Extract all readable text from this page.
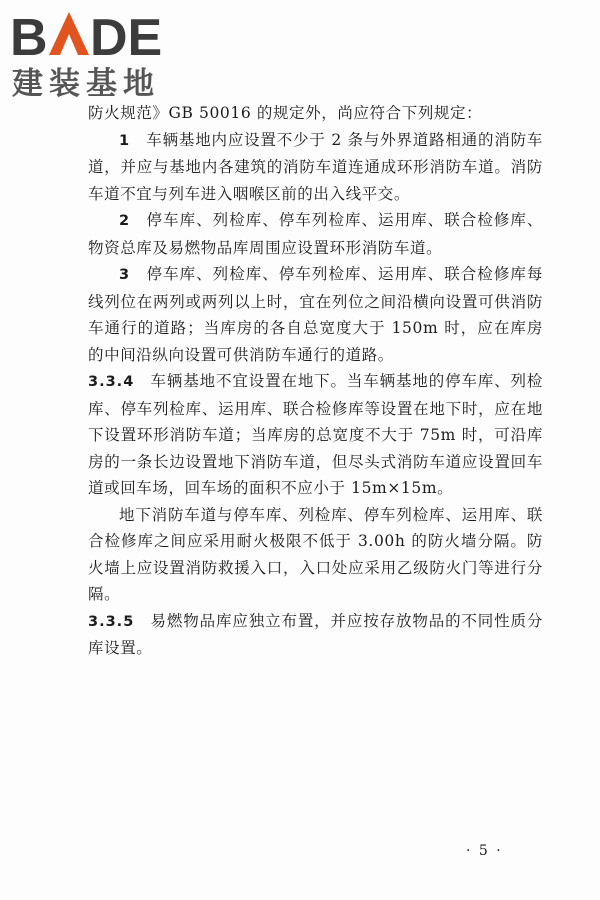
B DE
建装基地

防火规范》GB 50016 的规定外，尚应符合下列规定：

1 车辆基地内应设置不少于 2 条与外界道路相通的消防车道，并应与基地内各建筑的消防车道连通成环形消防车道。消防车道不宜与列车进入咽喉区前的出入线平交。

2 停车库、列检库、停车列检库、运用库、联合检修库、物资总库及易燃物品库周围应设置环形消防车道。

3 停车库、列检库、停车列检库、运用库、联合检修库每线列位在两列或两列以上时，宜在列位之间沿横向设置可供消防车通行的道路；当库房的各自总宽度大于 150m 时，应在库房的中间沿纵向设置可供消防车通行的道路。

3.3.4 车辆基地不宜设置在地下。当车辆基地的停车库、列检库、停车列检库、运用库、联合检修库等设置在地下时，应在地下设置环形消防车道；当库房的总宽度不大于 75m 时，可沿库房的一条长边设置地下消防车道，但尽头式消防车道应设置回车道或回车场，回车场的面积不应小于 15m×15m。

地下消防车道与停车库、列检库、停车列检库、运用库、联合检修库之间应采用耐火极限不低于 3.00h 的防火墙分隔。防火墙上应设置消防救援入口，入口处应采用乙级防火门等进行分隔。

3.3.5 易燃物品库应独立布置，并应按存放物品的不同性质分库设置。

· 5 ·
